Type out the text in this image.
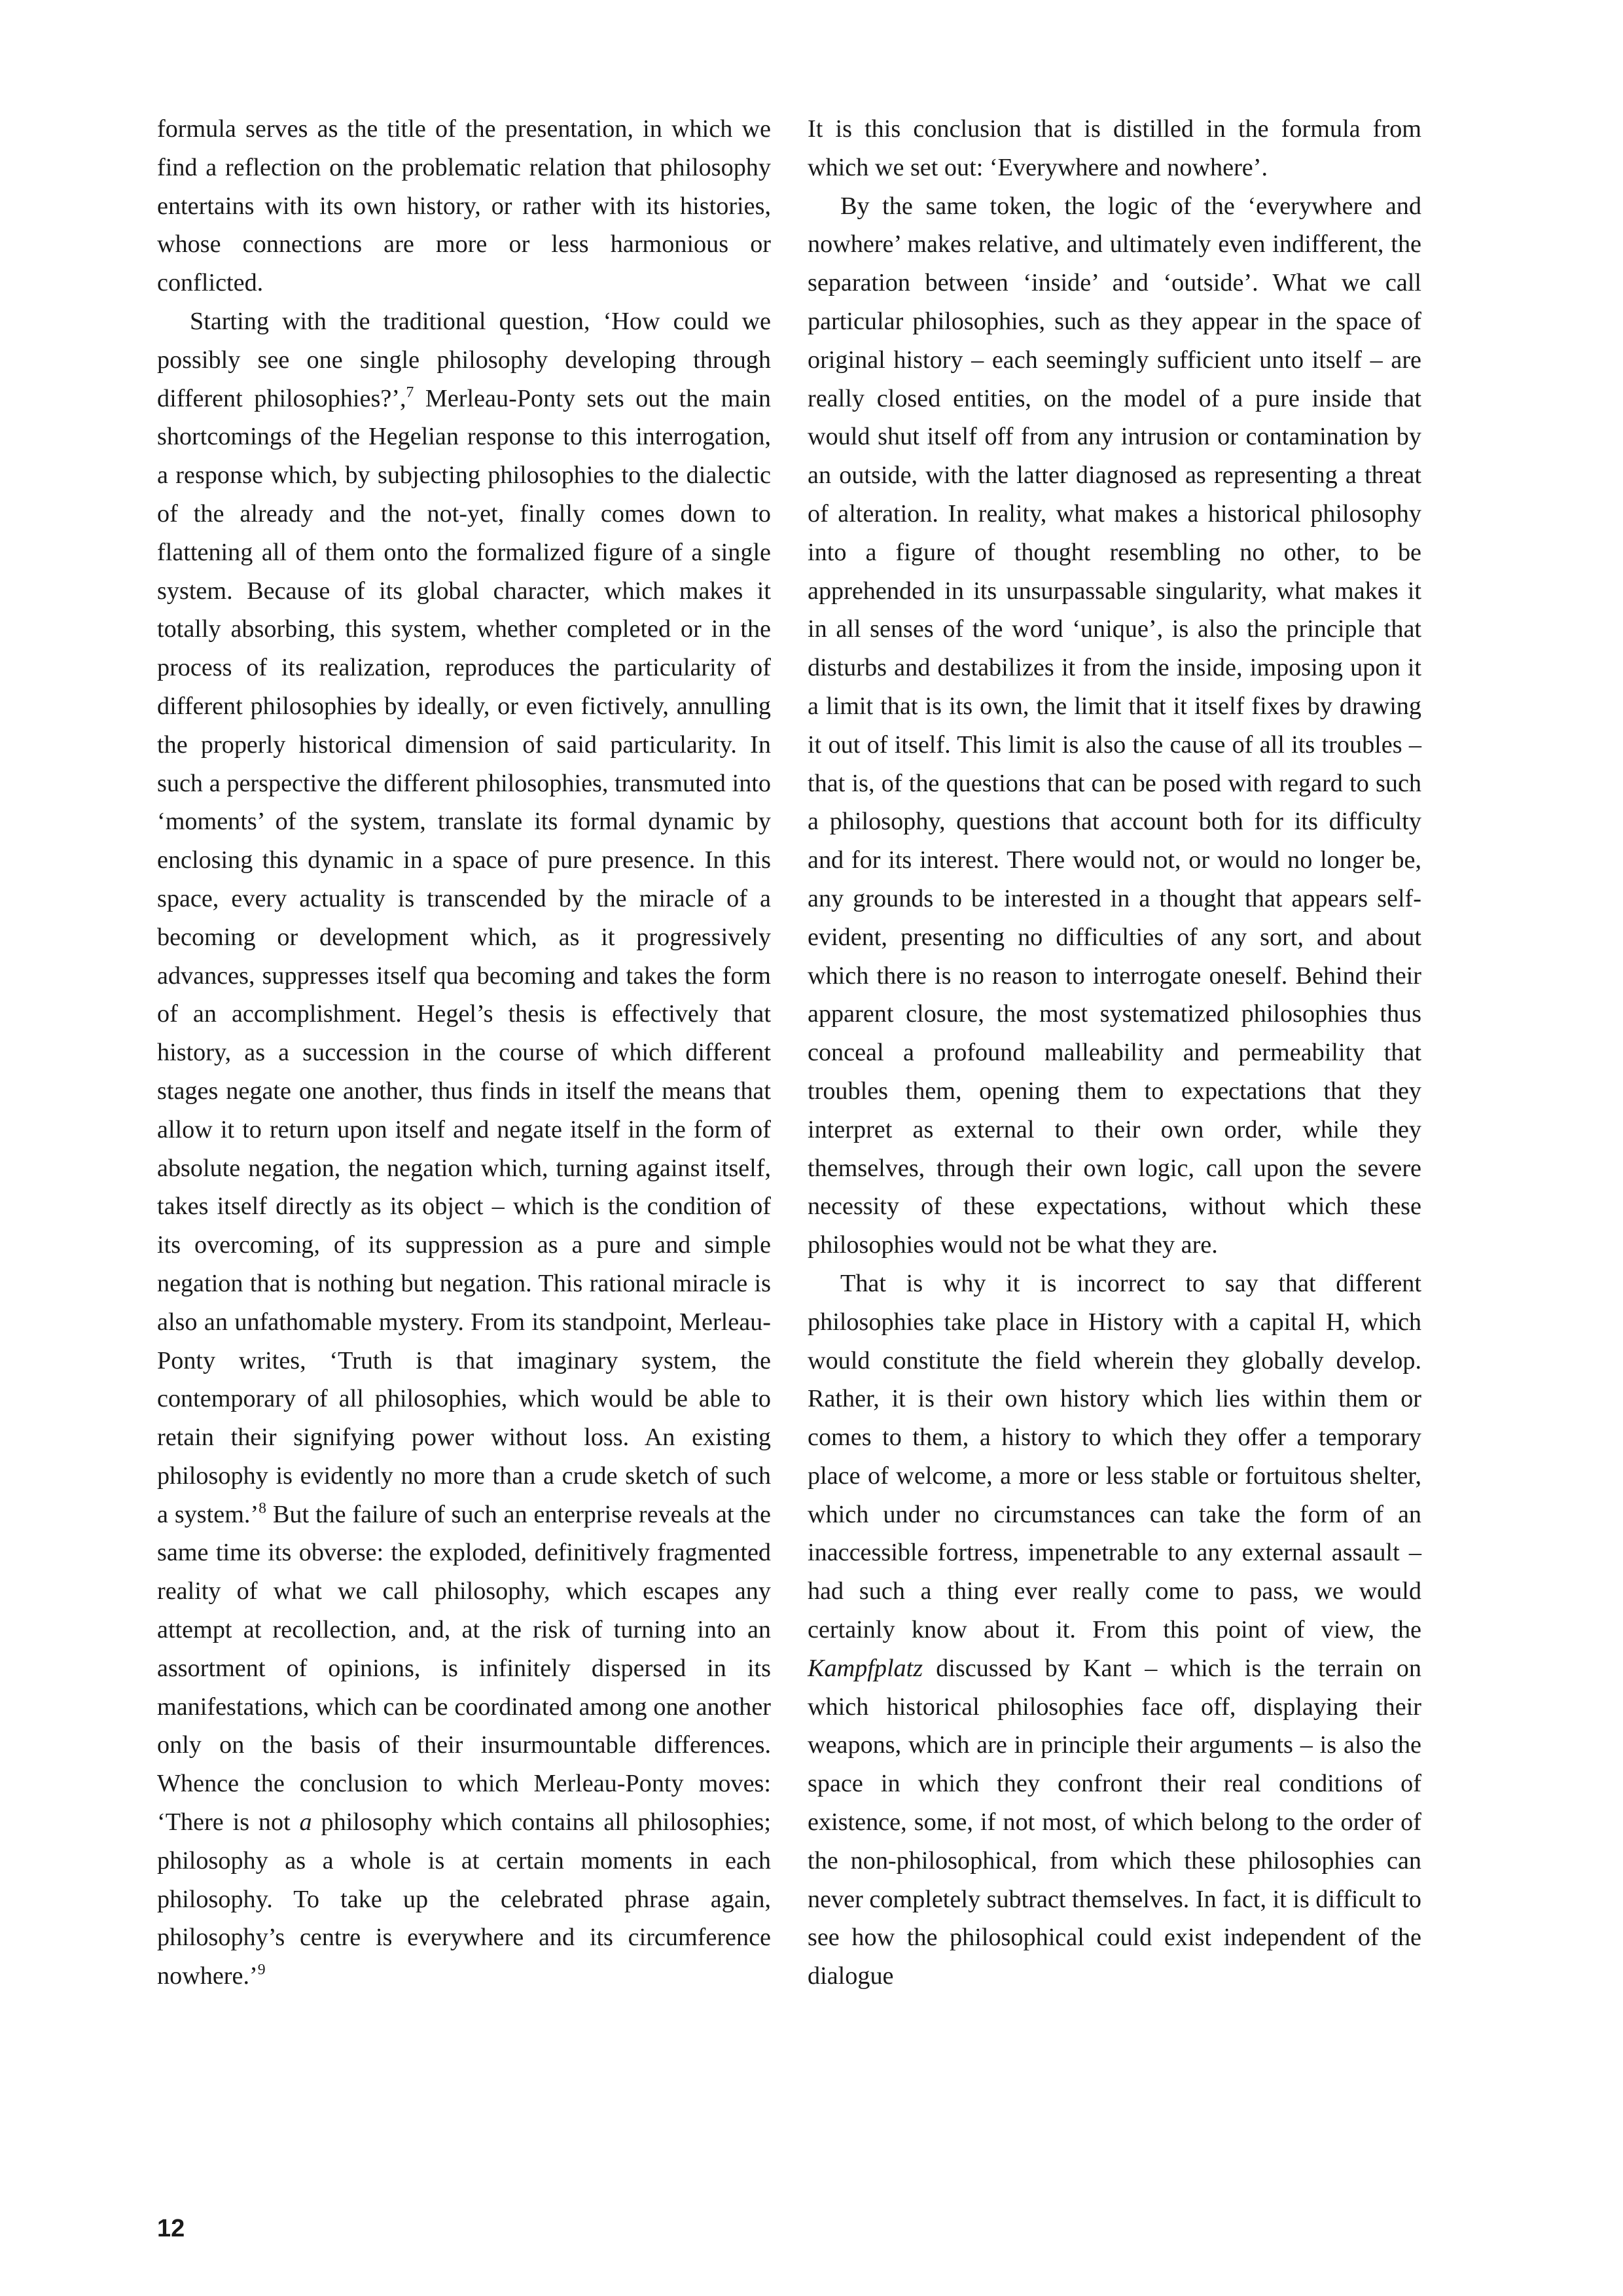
formula serves as the title of the presentation, in which we find a reflection on the problematic relation that philosophy entertains with its own history, or rather with its histories, whose connections are more or less harmonious or conflicted.

Starting with the traditional question, ‘How could we possibly see one single philosophy developing through different philosophies?’,$^7$ Merleau-Ponty sets out the main shortcomings of the Hegelian response to this interrogation, a response which, by subjecting philosophies to the dialectic of the already and the not-yet, finally comes down to flattening all of them onto the formalized figure of a single system. Because of its global character, which makes it totally absorbing, this system, whether completed or in the process of its realization, reproduces the particularity of different philosophies by ideally, or even fictively, annulling the properly historical dimension of said particularity. In such a perspective the different philosophies, transmuted into ‘moments’ of the system, translate its formal dynamic by enclosing this dynamic in a space of pure presence. In this space, every actuality is transcended by the miracle of a becoming or development which, as it progressively advances, suppresses itself qua becoming and takes the form of an accomplishment. Hegel’s thesis is effectively that history, as a succession in the course of which different stages negate one another, thus finds in itself the means that allow it to return upon itself and negate itself in the form of absolute negation, the negation which, turning against itself, takes itself directly as its object – which is the condition of its overcoming, of its suppression as a pure and simple negation that is nothing but negation. This rational miracle is also an unfathomable mystery. From its standpoint, Merleau-Ponty writes, ‘Truth is that imaginary system, the contemporary of all philosophies, which would be able to retain their signifying power without loss. An existing philosophy is evidently no more than a crude sketch of such a system.’$^8$ But the failure of such an enterprise reveals at the same time its obverse: the exploded, definitively fragmented reality of what we call philosophy, which escapes any attempt at recollection, and, at the risk of turning into an assortment of opinions, is infinitely dispersed in its manifestations, which can be coordinated among one another only on the basis of their insurmountable differences. Whence the conclusion to which Merleau-Ponty moves: ‘There is not a philosophy which contains all philosophies; philosophy as a whole is at certain moments in each philosophy. To take up the celebrated phrase again, philosophy’s centre is everywhere and its circumference nowhere.’$^9$

It is this conclusion that is distilled in the formula from which we set out: ‘Everywhere and nowhere’.

By the same token, the logic of the ‘everywhere and nowhere’ makes relative, and ultimately even indifferent, the separation between ‘inside’ and ‘outside’. What we call particular philosophies, such as they appear in the space of original history – each seemingly sufficient unto itself – are really closed entities, on the model of a pure inside that would shut itself off from any intrusion or contamination by an outside, with the latter diagnosed as representing a threat of alteration. In reality, what makes a historical philosophy into a figure of thought resembling no other, to be apprehended in its unsurpassable singularity, what makes it in all senses of the word ‘unique’, is also the principle that disturbs and destabilizes it from the inside, imposing upon it a limit that is its own, the limit that it itself fixes by drawing it out of itself. This limit is also the cause of all its troubles – that is, of the questions that can be posed with regard to such a philosophy, questions that account both for its difficulty and for its interest. There would not, or would no longer be, any grounds to be interested in a thought that appears self-evident, presenting no difficulties of any sort, and about which there is no reason to interrogate oneself. Behind their apparent closure, the most systematized philosophies thus conceal a profound malleability and permeability that troubles them, opening them to expectations that they interpret as external to their own order, while they themselves, through their own logic, call upon the severe necessity of these expectations, without which these philosophies would not be what they are.

That is why it is incorrect to say that different philosophies take place in History with a capital H, which would constitute the field wherein they globally develop. Rather, it is their own history which lies within them or comes to them, a history to which they offer a temporary place of welcome, a more or less stable or fortuitous shelter, which under no circumstances can take the form of an inaccessible fortress, impenetrable to any external assault – had such a thing ever really come to pass, we would certainly know about it. From this point of view, the Kampfplatz discussed by Kant – which is the terrain on which historical philosophies face off, displaying their weapons, which are in principle their arguments – is also the space in which they confront their real conditions of existence, some, if not most, of which belong to the order of the non-philosophical, from which these philosophies can never completely subtract themselves. In fact, it is difficult to see how the philosophical could exist independent of the dialogue

12
